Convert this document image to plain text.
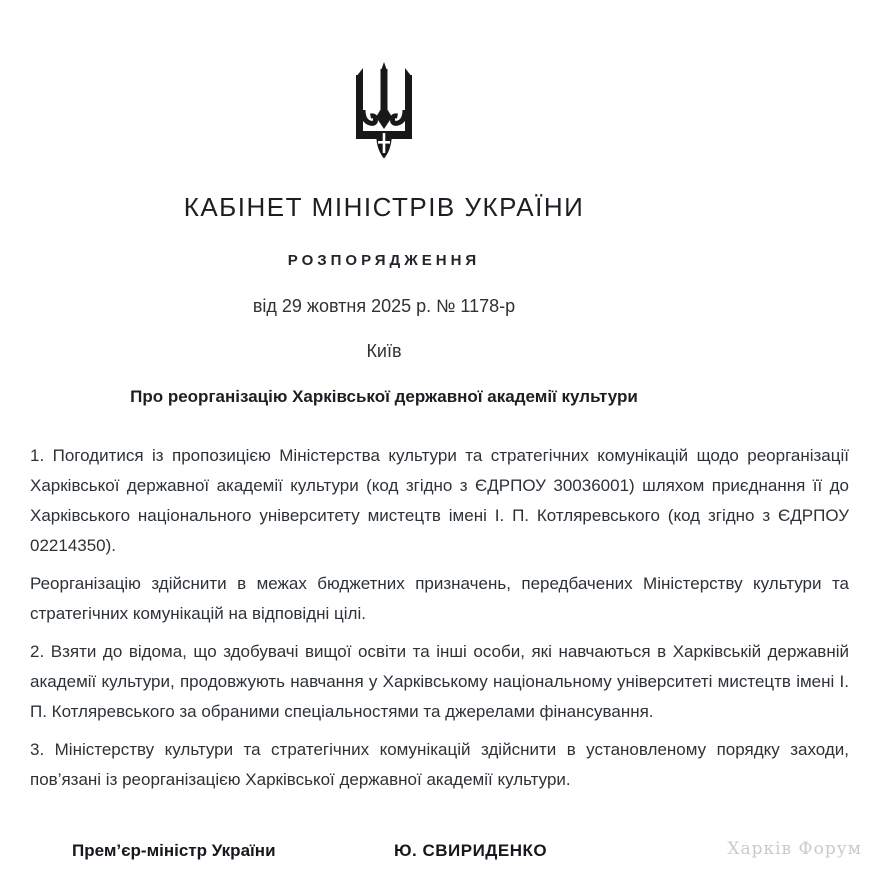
КАБІНЕТ МІНІСТРІВ УКРАЇНИ
РОЗПОРЯДЖЕННЯ
від 29 жовтня 2025 р. № 1178-р
Київ
Про реорганізацію Харківської державної академії культури

1. Погодитися із пропозицією Міністерства культури та стратегічних комунікацій щодо реорганізації Харківської державної академії культури (код згідно з ЄДРПОУ 30036001) шляхом приєднання її до Харківського національного університету мистецтв імені І. П. Котляревського (код згідно з ЄДРПОУ 02214350).

Реорганізацію здійснити в межах бюджетних призначень, передбачених Міністерству культури та стратегічних комунікацій на відповідні цілі.

2. Взяти до відома, що здобувачі вищої освіти та інші особи, які навчаються в Харківській державній академії культури, продовжують навчання у Харківському національному університеті мистецтв імені І. П. Котляревського за обраними спеціальностями та джерелами фінансування.

3. Міністерству культури та стратегічних комунікацій здійснити в установленому порядку заходи, пов’язані із реорганізацією Харківської державної академії культури.

Прем’єр-міністр України	Ю. СВИРИДЕНКО	Харків Форум
